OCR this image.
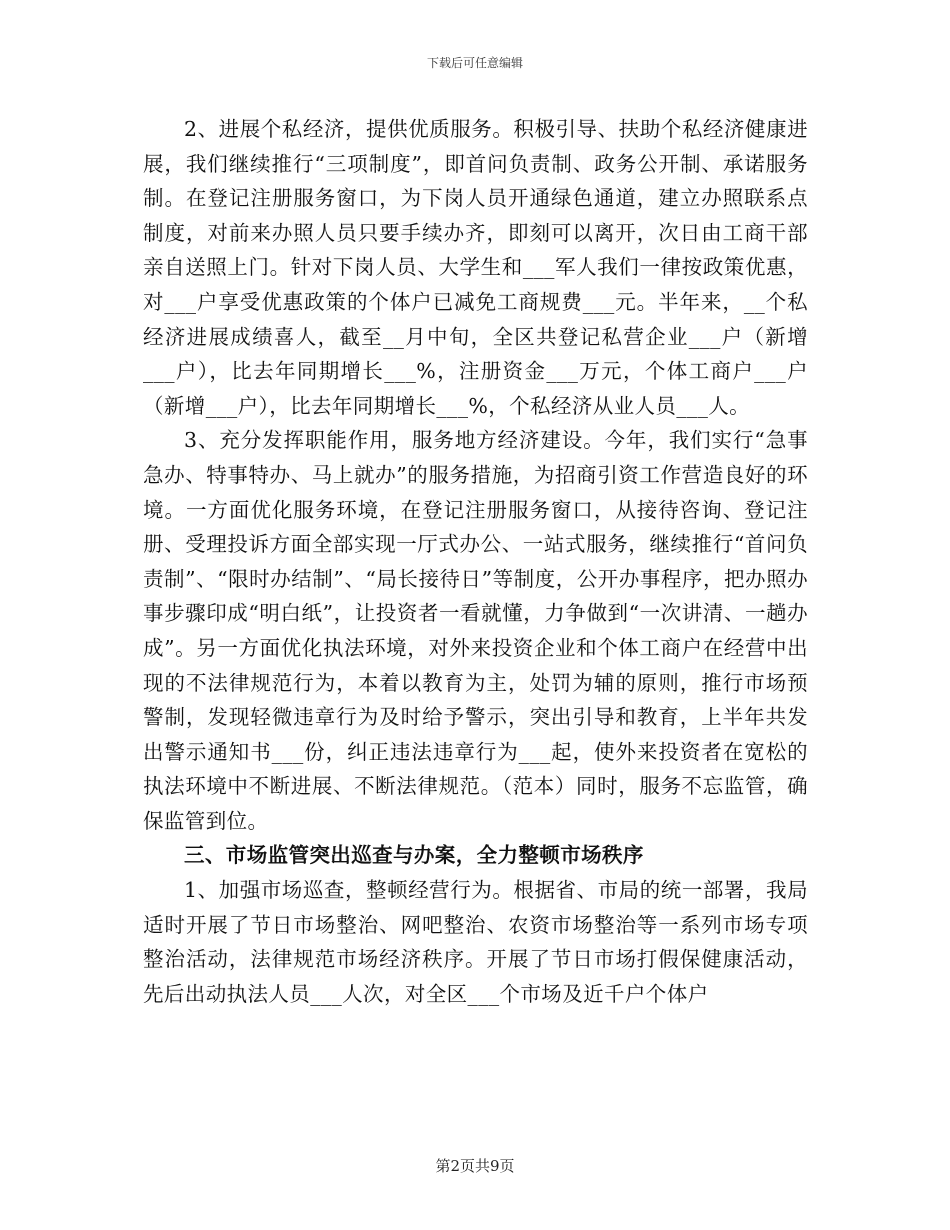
下载后可任意编辑

2、进展个私经济，提供优质服务。积极引导、扶助个私经济健康进展，我们继续推行“三项制度”，即首问负责制、政务公开制、承诺服务制。在登记注册服务窗口，为下岗人员开通绿色通道，建立办照联系点制度，对前来办照人员只要手续办齐，即刻可以离开，次日由工商干部亲自送照上门。针对下岗人员、大学生和___军人我们一律按政策优惠，对___户享受优惠政策的个体户已减免工商规费___元。半年来，__个私经济进展成绩喜人，截至__月中旬，全区共登记私营企业___户（新增___户），比去年同期增长___%，注册资金___万元，个体工商户___户（新增___户），比去年同期增长___%，个私经济从业人员___人。

3、充分发挥职能作用，服务地方经济建设。今年，我们实行“急事急办、特事特办、马上就办”的服务措施，为招商引资工作营造良好的环境。一方面优化服务环境，在登记注册服务窗口，从接待咨询、登记注册、受理投诉方面全部实现一厅式办公、一站式服务，继续推行“首问负责制”、“限时办结制”、“局长接待日”等制度，公开办事程序，把办照办事步骤印成“明白纸”，让投资者一看就懂，力争做到“一次讲清、一趟办成”。另一方面优化执法环境，对外来投资企业和个体工商户在经营中出现的不法律规范行为，本着以教育为主，处罚为辅的原则，推行市场预警制，发现轻微违章行为及时给予警示，突出引导和教育，上半年共发出警示通知书___份，纠正违法违章行为___起，使外来投资者在宽松的执法环境中不断进展、不断法律规范。（范本）同时，服务不忘监管，确保监管到位。

三、市场监管突出巡查与办案，全力整顿市场秩序

1、加强市场巡查，整顿经营行为。根据省、市局的统一部署，我局适时开展了节日市场整治、网吧整治、农资市场整治等一系列市场专项整治活动，法律规范市场经济秩序。开展了节日市场打假保健康活动，先后出动执法人员___人次，对全区___个市场及近千户个体户

第2页共9页
